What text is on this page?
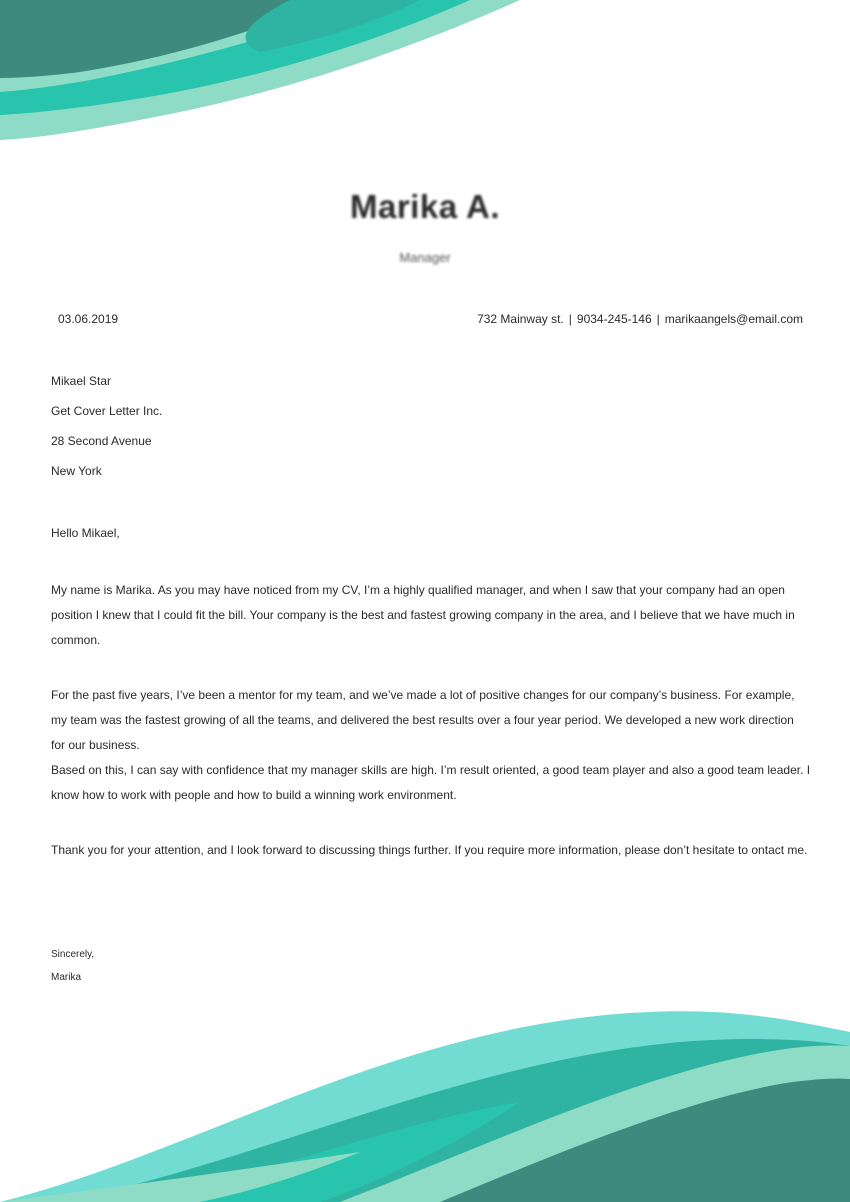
Marika A.
Manager
03.06.2019	732 Mainway st. | 9034-245-146 | marikaangels@email.com
Mikael Star
Get Cover Letter Inc.
28 Second Avenue
New York
Hello Mikael,
My name is Marika. As you may have noticed from my CV, I’m a highly qualified manager, and when I saw that your company had an open position I knew that I could fit the bill. Your company is the best and fastest growing company in the area, and I believe that we have much in common.
For the past five years, I’ve been a mentor for my team, and we’ve made a lot of positive changes for our company’s business. For example, my team was the fastest growing of all the teams, and delivered the best results over a four year period. We developed a new work direction for our business.
Based on this, I can say with confidence that my manager skills are high. I’m result oriented, a good team player and also a good team leader. I know how to work with people and how to build a winning work environment.
Thank you for your attention, and I look forward to discussing things further. If you require more information, please don’t hesitate to ontact me.
Sincerely,
Marika
